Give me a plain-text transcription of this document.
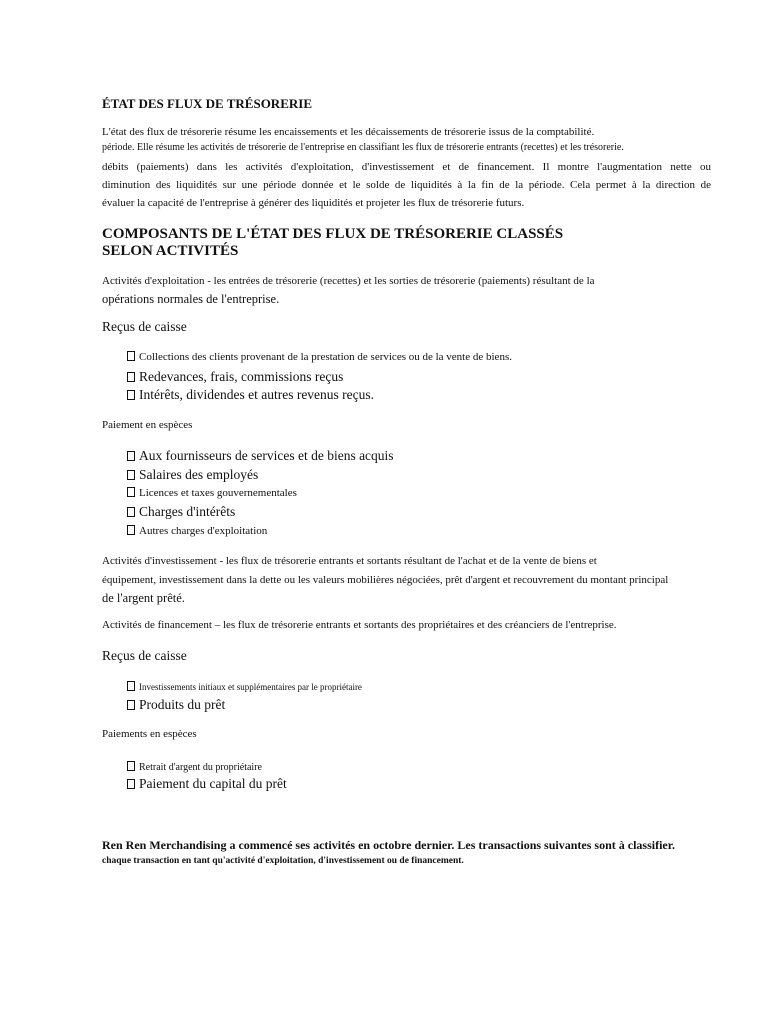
ÉTAT DES FLUX DE TRÉSORERIE
L'état des flux de trésorerie résume les encaissements et les décaissements de trésorerie issus de la comptabilité.
période. Elle résume les activités de trésorerie de l'entreprise en classifiant les flux de trésorerie entrants (recettes) et les trésorerie.
débits (paiements) dans les activités d'exploitation, d'investissement et de financement. Il montre l'augmentation nette ou
diminution des liquidités sur une période donnée et le solde de liquidités à la fin de la période. Cela permet à la direction de
évaluer la capacité de l'entreprise à générer des liquidités et projeter les flux de trésorerie futurs.
COMPOSANTS DE L'ÉTAT DES FLUX DE TRÉSORERIE CLASSÉS SELON ACTIVITÉS
Activités d'exploitation - les entrées de trésorerie (recettes) et les sorties de trésorerie (paiements) résultant de la
opérations normales de l'entreprise.
Reçus de caisse
Collections des clients provenant de la prestation de services ou de la vente de biens.
Redevances, frais, commissions reçus
Intérêts, dividendes et autres revenus reçus.
Paiement en espèces
Aux fournisseurs de services et de biens acquis
Salaires des employés
Licences et taxes gouvernementales
Charges d'intérêts
Autres charges d'exploitation
Activités d'investissement - les flux de trésorerie entrants et sortants résultant de l'achat et de la vente de biens et
équipement, investissement dans la dette ou les valeurs mobilières négociées, prêt d'argent et recouvrement du montant principal
de l'argent prêté.
Activités de financement – les flux de trésorerie entrants et sortants des propriétaires et des créanciers de l'entreprise.
Reçus de caisse
Investissements initiaux et supplémentaires par le propriétaire
Produits du prêt
Paiements en espèces
Retrait d'argent du propriétaire
Paiement du capital du prêt
Ren Ren Merchandising a commencé ses activités en octobre dernier. Les transactions suivantes sont à classifier.
chaque transaction en tant qu'activité d'exploitation, d'investissement ou de financement.
